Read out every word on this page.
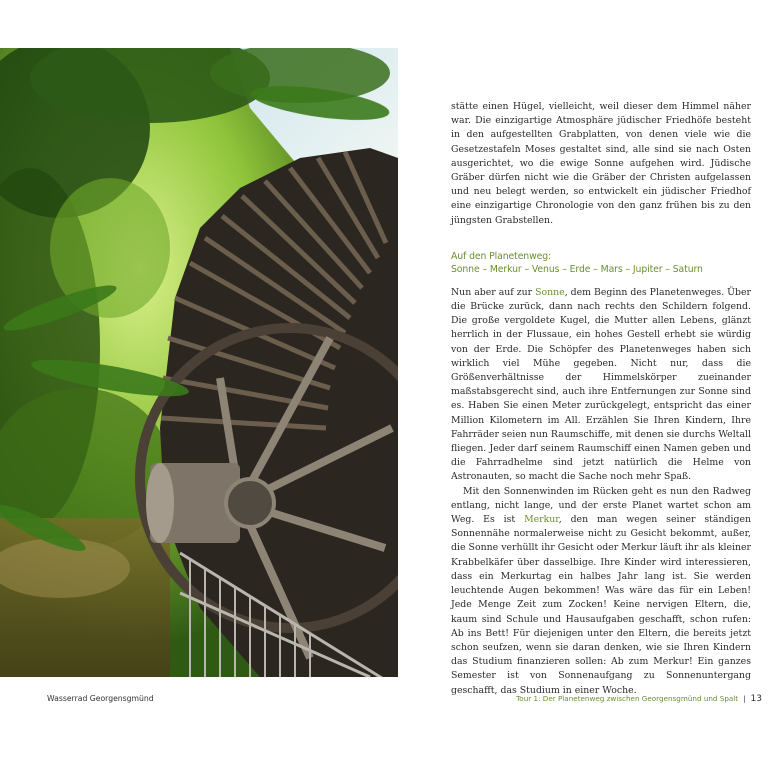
stätte einen Hügel, vielleicht, weil dieser dem Himmel näher war. Die einzigartige Atmosphäre jüdischer Friedhöfe besteht in den aufgestellten Grabplatten, von denen viele wie die Gesetzestafeln Moses gestaltet sind, alle sind sie nach Osten ausgerichtet, wo die ewige Sonne aufgehen wird. Jüdische Gräber dürfen nicht wie die Gräber der Christen aufgelassen und neu belegt werden, so entwickelt ein jüdischer Friedhof eine einzigartige Chronologie von den ganz frühen bis zu den jüngsten Grabstellen.

Auf den Planetenweg:
Sonne – Merkur – Venus – Erde – Mars – Jupiter – Saturn

Nun aber auf zur Sonne, dem Beginn des Planetenweges. Über die Brücke zurück, dann nach rechts den Schildern folgend. Die große vergoldete Kugel, die Mutter allen Lebens, glänzt herrlich in der Flussaue, ein hohes Gestell erhebt sie würdig von der Erde. Die Schöpfer des Planetenweges haben sich wirklich viel Mühe gegeben. Nicht nur, dass die Größenverhältnisse der Himmelskörper zueinander maßstabsgerecht sind, auch ihre Entfernungen zur Sonne sind es. Haben Sie einen Meter zurückgelegt, entspricht das einer Million Kilometern im All. Erzählen Sie Ihren Kindern, Ihre Fahrräder seien nun Raumschiffe, mit denen sie durchs Weltall fliegen. Jeder darf seinem Raumschiff einen Namen geben und die Fahrradhelme sind jetzt natürlich die Helme von Astronauten, so macht die Sache noch mehr Spaß.

Mit den Sonnenwinden im Rücken geht es nun den Radweg entlang, nicht lange, und der erste Planet wartet schon am Weg. Es ist Merkur, den man wegen seiner ständigen Sonnennähe normalerweise nicht zu Gesicht bekommt, außer, die Sonne verhüllt ihr Gesicht oder Merkur läuft ihr als kleiner Krabbelkäfer über dasselbige. Ihre Kinder wird interessieren, dass ein Merkurtag ein halbes Jahr lang ist. Sie werden leuchtende Augen bekommen! Was wäre das für ein Leben! Jede Menge Zeit zum Zocken! Keine nervigen Eltern, die, kaum sind Schule und Hausaufgaben geschafft, schon rufen: Ab ins Bett! Für diejenigen unter den Eltern, die bereits jetzt schon seufzen, wenn sie daran denken, wie sie Ihren Kindern das Studium finanzieren sollen: Ab zum Merkur! Ein ganzes Semester ist von Sonnenaufgang zu Sonnenuntergang geschafft, das Studium in einer Woche.

Wasserrad Georgensgmünd	Tour 1: Der Planetenweg zwischen Georgensgmünd und Spalt | 13
